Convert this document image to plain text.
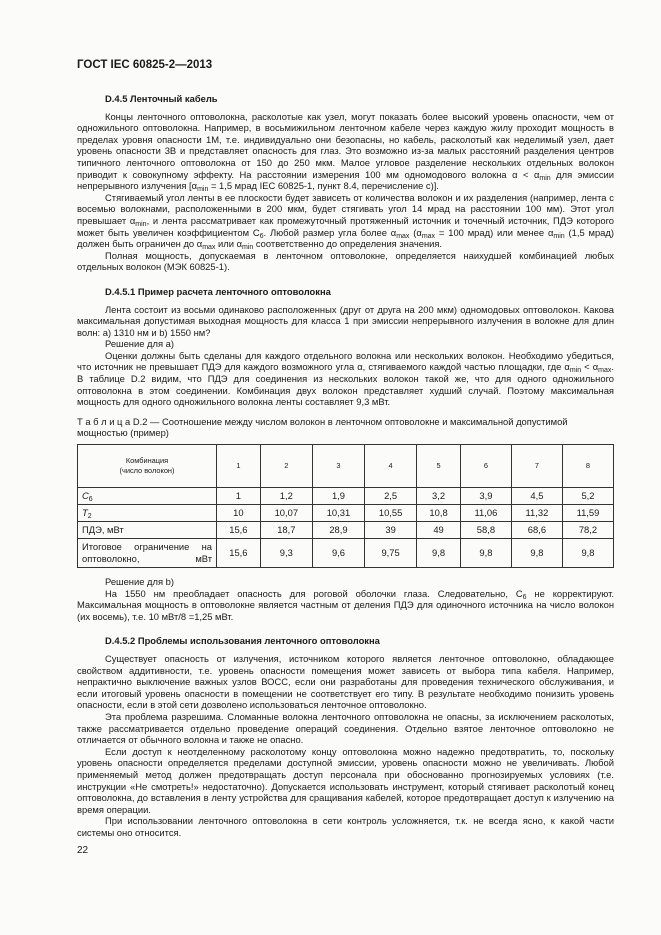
ГОСТ IEC 60825-2—2013
D.4.5 Ленточный кабель

Концы ленточного оптоволокна, расколотые как узел, могут показать более высокий уровень опасности, чем от одножильного оптоволокна. Например, в восьмижильном ленточном кабеле через каждую жилу проходит мощность в пределах уровня опасности 1М, т.е. индивидуально они безопасны, но кабель, расколотый как неделимый узел, дает уровень опасности 3B и представляет опасность для глаз. Это возможно из-за малых расстояний разделения центров типичного ленточного оптоволокна от 150 до 250 мкм. Малое угловое разделение нескольких отдельных волокон приводит к совокупному эффекту. На расстоянии измерения 100 мм одномодового волокна $\alpha < \alpha_{min}$ для эмиссии непрерывного излучения [$\alpha_{min} = 1,5$ мрад IEC 60825-1, пункт 8.4, перечисление c)].

Стягиваемый угол ленты в ее плоскости будет зависеть от количества волокон и их разделения (например, лента с восемью волокнами, расположенными в 200 мкм, будет стягивать угол 14 мрад на расстоянии 100 мм). Этот угол превышает $\alpha_{min}$, и лента рассматривает как промежуточный протяженный источник и точечный источник, ПДЭ которого может быть увеличен коэффициентом $C_6$. Любой размер угла более $\alpha_{max}$ ($\alpha_{max} = 100$ мрад) или менее $\alpha_{min}$ (1,5 мрад) должен быть ограничен до $\alpha_{max}$ или $\alpha_{min}$ соответственно до определения значения.

Полная мощность, допускаемая в ленточном оптоволокне, определяется наихудшей комбинацией любых отдельных волокон (МЭК 60825-1).

D.4.5.1 Пример расчета ленточного оптоволокна

Лента состоит из восьми одинаково расположенных (друг от друга на 200 мкм) одномодовых оптоволокон. Какова максимальная допустимая выходная мощность для класса 1 при эмиссии непрерывного излучения в волокне для длин волн: а) 1310 нм и b) 1550 нм?

Решение для а)

Оценки должны быть сделаны для каждого отдельного волокна или нескольких волокон. Необходимо убедиться, что источник не превышает ПДЭ для каждого возможного угла α, стягиваемого каждой частью площадки, где $\alpha_{min} < \alpha_{max}$. В таблице D.2 видим, что ПДЭ для соединения из нескольких волокон такой же, что для одного одножильного оптоволокна в этом соединении. Комбинация двух волокон представляет худший случай. Поэтому максимальная мощность для одного одножильного волокна ленты составляет 9,3 мВт.

Т а б л и ц а D.2 — Соотношение между числом волокон в ленточном оптоволокне и максимальной допустимой мощностью (пример)

Комбинация
(число волокон)	1	2	3	4	5	6	7	8
$C_6$	1	1,2	1,9	2,5	3,2	3,9	4,5	5,2
$T_2$	10	10,07	10,31	10,55	10,8	11,06	11,32	11,59
ПДЭ, мВт	15,6	18,7	28,9	39	49	58,8	68,6	78,2
Итоговое ограничение на оптоволокно, мВт	15,6	9,3	9,6	9,75	9,8	9,8	9,8	9,8

Решение для b)

На 1550 нм преобладает опасность для роговой оболочки глаза. Следовательно, $C_6$ не корректируют. Максимальная мощность в оптоволокне является частным от деления ПДЭ для одиночного источника на число волокон (их восемь), т.е. 10 мВт/8 =1,25 мВт.

D.4.5.2 Проблемы использования ленточного оптоволокна

Существует опасность от излучения, источником которого является ленточное оптоволокно, обладающее свойством аддитивности, т.е. уровень опасности помещения может зависеть от выбора типа кабеля. Например, непрактично выключение важных узлов ВОСС, если они разработаны для проведения технического обслуживания, и если итоговый уровень опасности в помещении не соответствует его типу. В результате необходимо понизить уровень опасности, если в этой сети дозволено использоваться ленточное оптоволокно.

Эта проблема разрешима. Сломанные волокна ленточного оптоволокна не опасны, за исключением расколотых, также рассматривается отдельно проведение операций соединения. Отдельно взятое ленточное оптоволокно не отличается от обычного волокна и также не опасно.

Если доступ к неотделенному расколотому концу оптоволокна можно надежно предотвратить, то, поскольку уровень опасности определяется пределами доступной эмиссии, уровень опасности можно не увеличивать. Любой применяемый метод должен предотвращать доступ персонала при обоснованно прогнозируемых условиях (т.е. инструкции «Не смотреть!» недостаточно). Допускается использовать инструмент, который стягивает расколотый конец оптоволокна, до вставления в ленту устройства для сращивания кабелей, которое предотвращает доступ к излучению на время операции.

При использовании ленточного оптоволокна в сети контроль усложняется, т.к. не всегда ясно, к какой части системы оно относится.

22
